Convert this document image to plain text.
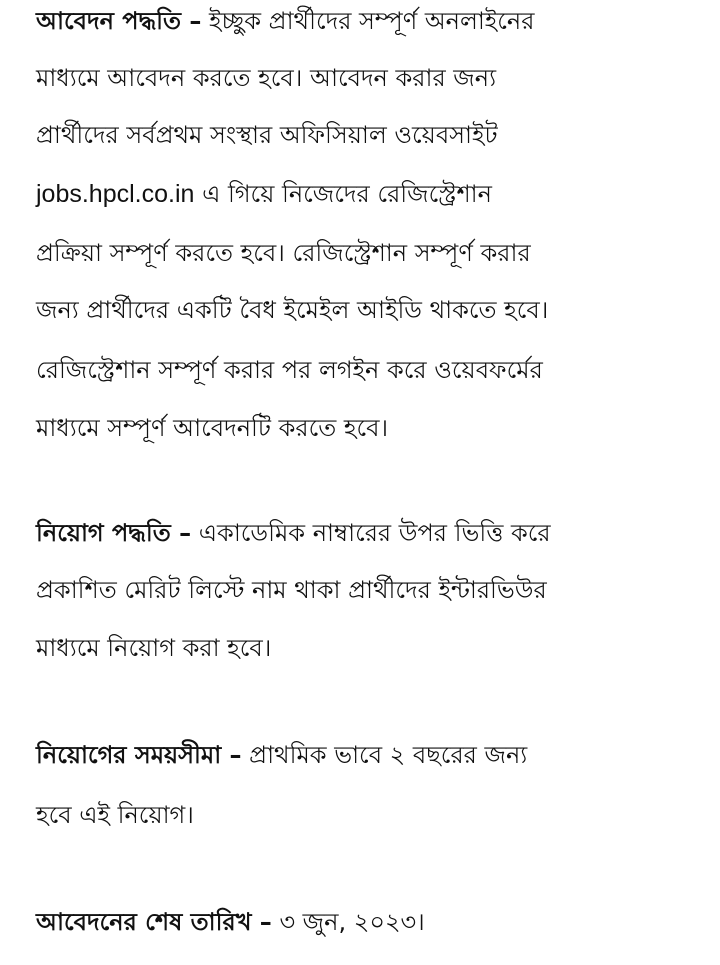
আবেদন পদ্ধতি – ইচ্ছুক প্রার্থীদের সম্পূর্ণ অনলাইনের
মাধ্যমে আবেদন করতে হবে। আবেদন করার জন্য
প্রার্থীদের সর্বপ্রথম সংস্থার অফিসিয়াল ওয়েবসাইট
jobs.hpcl.co.in এ গিয়ে নিজেদের রেজিস্ট্রেশান
প্রক্রিয়া সম্পূর্ণ করতে হবে। রেজিস্ট্রেশান সম্পূর্ণ করার
জন্য প্রার্থীদের একটি বৈধ ইমেইল আইডি থাকতে হবে।
রেজিস্ট্রেশান সম্পূর্ণ করার পর লগইন করে ওয়েবফর্মের
মাধ্যমে সম্পূর্ণ আবেদনটি করতে হবে।
নিয়োগ পদ্ধতি – একাডেমিক নাম্বারের উপর ভিত্তি করে
প্রকাশিত মেরিট লিস্টে নাম থাকা প্রার্থীদের ইন্টারভিউর
মাধ্যমে নিয়োগ করা হবে।
নিয়োগের সময়সীমা – প্রাথমিক ভাবে ২ বছরের জন্য
হবে এই নিয়োগ।
আবেদনের শেষ তারিখ – ৩ জুন, ২০২৩।
